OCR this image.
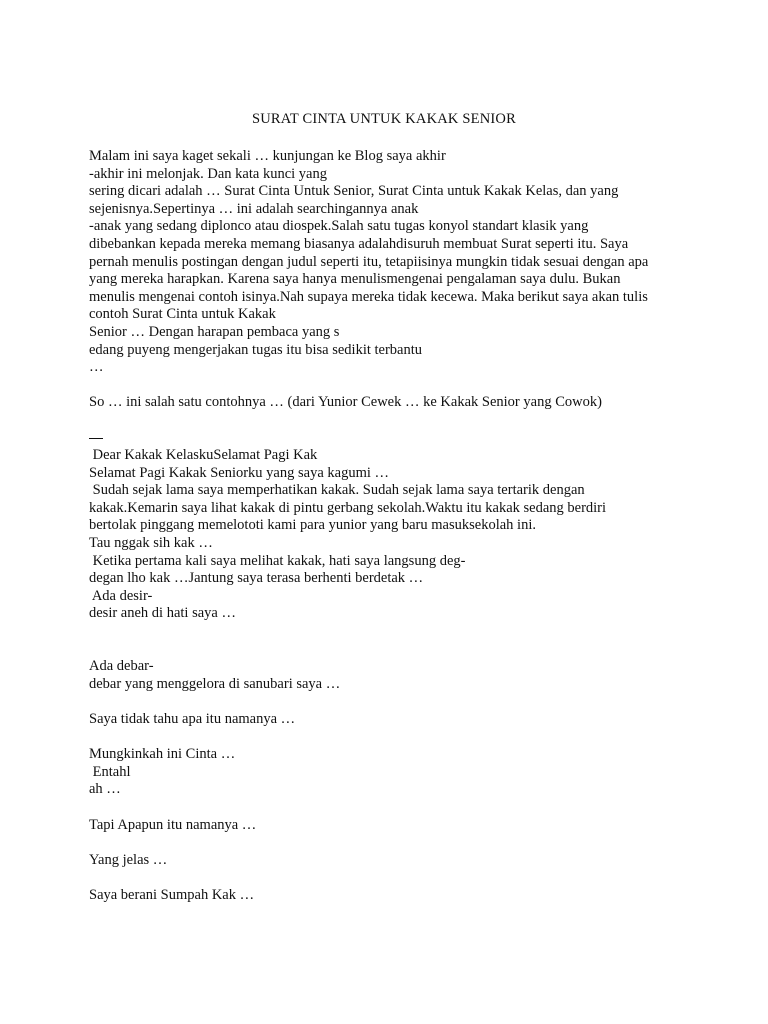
SURAT CINTA UNTUK KAKAK SENIOR
Malam ini saya kaget sekali … kunjungan ke Blog saya akhir
-akhir ini melonjak. Dan kata kunci yang
sering dicari adalah … Surat Cinta Untuk Senior, Surat Cinta untuk Kakak Kelas, dan yang
sejenisnya.Sepertinya … ini adalah searchingannya anak
-anak yang sedang diplonco atau diospek.Salah satu tugas konyol standart klasik yang
dibebankan kepada mereka memang biasanya adalahdisuruh membuat Surat seperti itu. Saya
pernah menulis postingan dengan judul seperti itu, tetapiisinya mungkin tidak sesuai dengan apa
yang mereka harapkan. Karena saya hanya menulismengenai pengalaman saya dulu. Bukan
menulis mengenai contoh isinya.Nah supaya mereka tidak kecewa. Maka berikut saya akan tulis
contoh Surat Cinta untuk Kakak
Senior … Dengan harapan pembaca yang s
edang puyeng mengerjakan tugas itu bisa sedikit terbantu
…
So … ini salah satu contohnya … (dari Yunior Cewek … ke Kakak Senior yang Cowok)
Dear Kakak KelaskuSelamat Pagi Kak
Selamat Pagi Kakak Seniorku yang saya kagumi …
Sudah sejak lama saya memperhatikan kakak. Sudah sejak lama saya tertarik dengan
kakak.Kemarin saya lihat kakak di pintu gerbang sekolah.Waktu itu kakak sedang berdiri
bertolak pinggang memelototi kami para yunior yang baru masuksekolah ini.
Tau nggak sih kak …
Ketika pertama kali saya melihat kakak, hati saya langsung deg-
degan lho kak …Jantung saya terasa berhenti berdetak …
Ada desir-
desir aneh di hati saya …
Ada debar-
debar yang menggelora di sanubari saya …
Saya tidak tahu apa itu namanya …
Mungkinkah ini Cinta …
Entahl
ah …
Tapi Apapun itu namanya …
Yang jelas …
Saya berani Sumpah Kak …
